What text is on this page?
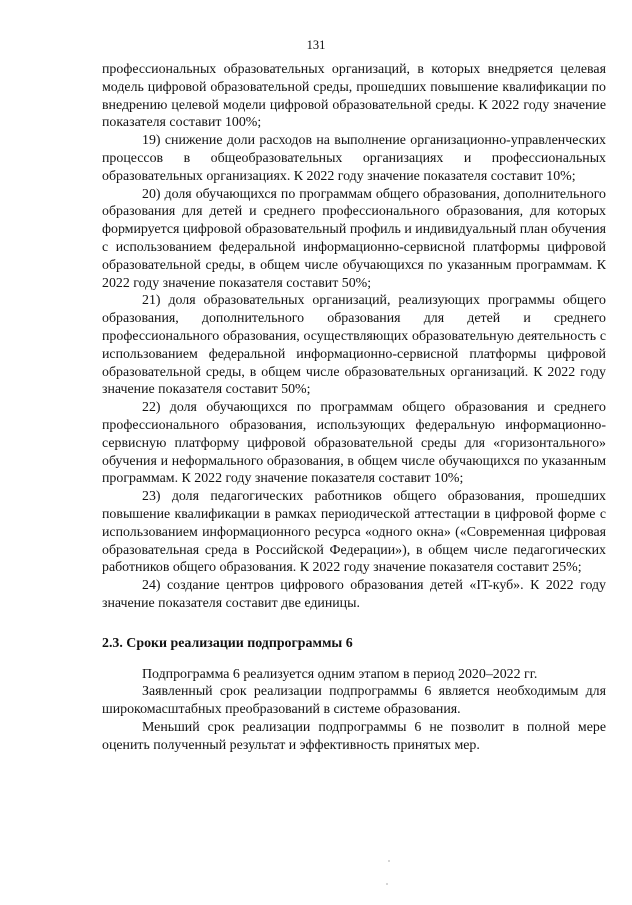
131

профессиональных образовательных организаций, в которых внедряется целевая модель цифровой образовательной среды, прошедших повышение квалификации по внедрению целевой модели цифровой образовательной среды. К 2022 году значение показателя составит 100%;

19) снижение доли расходов на выполнение организационно-управленческих процессов в общеобразовательных организациях и профессиональных образовательных организациях. К 2022 году значение показателя составит 10%;

20) доля обучающихся по программам общего образования, дополнительного образования для детей и среднего профессионального образования, для которых формируется цифровой образовательный профиль и индивидуальный план обучения с использованием федеральной информационно-сервисной платформы цифровой образовательной среды, в общем числе обучающихся по указанным программам. К 2022 году значение показателя составит 50%;

21) доля образовательных организаций, реализующих программы общего образования, дополнительного образования для детей и среднего профессионального образования, осуществляющих образовательную деятельность с использованием федеральной информационно-сервисной платформы цифровой образовательной среды, в общем числе образовательных организаций. К 2022 году значение показателя составит 50%;

22) доля обучающихся по программам общего образования и среднего профессионального образования, использующих федеральную информационно-сервисную платформу цифровой образовательной среды для «горизонтального» обучения и неформального образования, в общем числе обучающихся по указанным программам. К 2022 году значение показателя составит 10%;

23) доля педагогических работников общего образования, прошедших повышение квалификации в рамках периодической аттестации в цифровой форме с использованием информационного ресурса «одного окна» («Современная цифровая образовательная среда в Российской Федерации»), в общем числе педагогических работников общего образования. К 2022 году значение показателя составит 25%;

24) создание центров цифрового образования детей «IT-куб». К 2022 году значение показателя составит две единицы.

2.3. Сроки реализации подпрограммы 6

Подпрограмма 6 реализуется одним этапом в период 2020–2022 гг.

Заявленный срок реализации подпрограммы 6 является необходимым для широкомасштабных преобразований в системе образования.

Меньший срок реализации подпрограммы 6 не позволит в полной мере оценить полученный результат и эффективность принятых мер.
